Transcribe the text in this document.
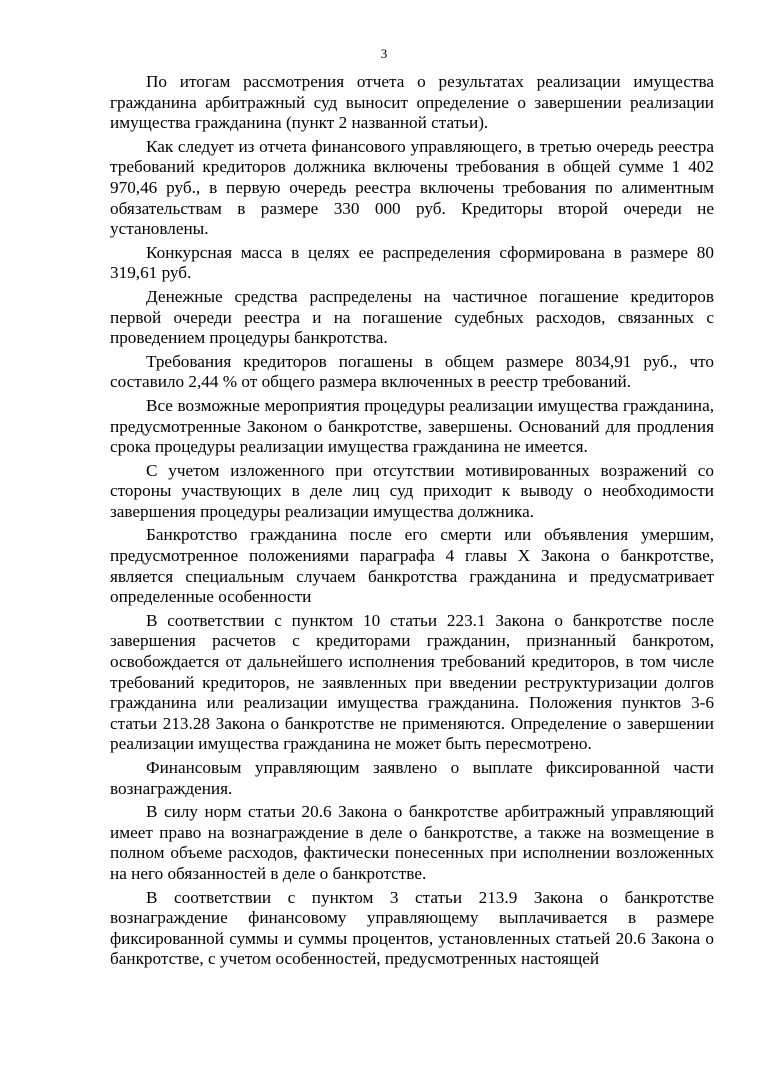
3

По итогам рассмотрения отчета о результатах реализации имущества гражданина арбитражный суд выносит определение о завершении реализации имущества гражданина (пункт 2 названной статьи).

Как следует из отчета финансового управляющего, в третью очередь реестра требований кредиторов должника включены требования в общей сумме 1 402 970,46 руб., в первую очередь реестра включены требования по алиментным обязательствам в размере 330 000 руб. Кредиторы второй очереди не установлены.

Конкурсная масса в целях ее распределения сформирована в размере 80 319,61 руб.

Денежные средства распределены на частичное погашение кредиторов первой очереди реестра и на погашение судебных расходов, связанных с проведением процедуры банкротства.

Требования кредиторов погашены в общем размере 8034,91 руб., что составило 2,44 % от общего размера включенных в реестр требований.

Все возможные мероприятия процедуры реализации имущества гражданина, предусмотренные Законом о банкротстве, завершены. Оснований для продления срока процедуры реализации имущества гражданина не имеется.

С учетом изложенного при отсутствии мотивированных возражений со стороны участвующих в деле лиц суд приходит к выводу о необходимости завершения процедуры реализации имущества должника.

Банкротство гражданина после его смерти или объявления умершим, предусмотренное положениями параграфа 4 главы X Закона о банкротстве, является специальным случаем банкротства гражданина и предусматривает определенные особенности

В соответствии с пунктом 10 статьи 223.1 Закона о банкротстве после завершения расчетов с кредиторами гражданин, признанный банкротом, освобождается от дальнейшего исполнения требований кредиторов, в том числе требований кредиторов, не заявленных при введении реструктуризации долгов гражданина или реализации имущества гражданина. Положения пунктов 3-6 статьи 213.28 Закона о банкротстве не применяются. Определение о завершении реализации имущества гражданина не может быть пересмотрено.

Финансовым управляющим заявлено о выплате фиксированной части вознаграждения.

В силу норм статьи 20.6 Закона о банкротстве арбитражный управляющий имеет право на вознаграждение в деле о банкротстве, а также на возмещение в полном объеме расходов, фактически понесенных при исполнении возложенных на него обязанностей в деле о банкротстве.

В соответствии с пунктом 3 статьи 213.9 Закона о банкротстве вознаграждение финансовому управляющему выплачивается в размере фиксированной суммы и суммы процентов, установленных статьей 20.6 Закона о банкротстве, с учетом особенностей, предусмотренных настоящей
